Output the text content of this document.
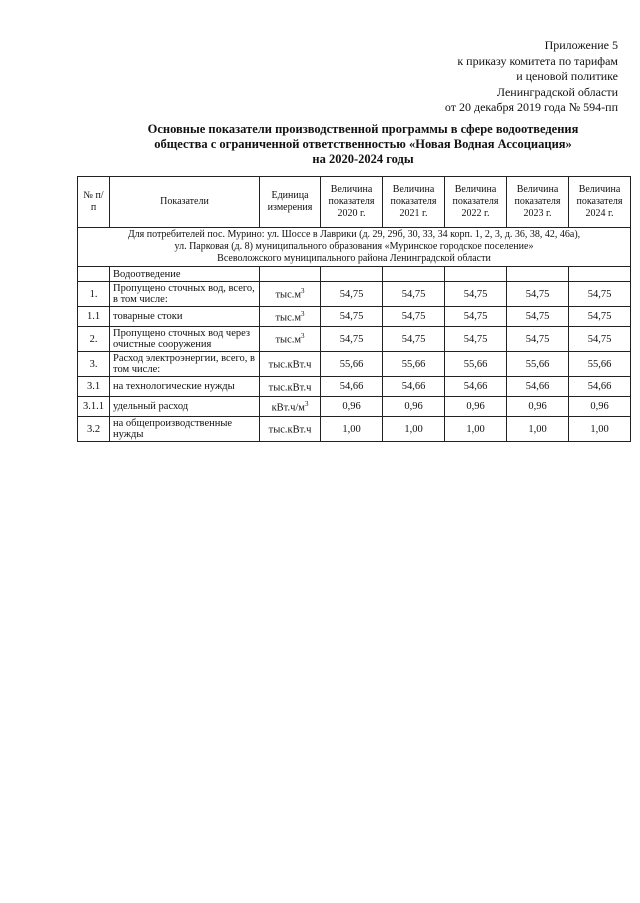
Приложение 5
к приказу комитета по тарифам
и ценовой политике
Ленинградской области
от 20 декабря 2019 года № 594-пп
Основные показатели производственной программы в сфере водоотведения
общества с ограниченной ответственностью «Новая Водная Ассоциация»
на 2020-2024 годы
№ п/п	Показатели	Единица измерения	Величина показателя 2020 г.	Величина показателя 2021 г.	Величина показателя 2022 г.	Величина показателя 2023 г.	Величина показателя 2024 г.

Для потребителей пос. Мурино: ул. Шоссе в Лаврики (д. 29, 29б, 30, 33, 34 корп. 1, 2, 3, д. 36, 38, 42, 46а),
ул. Парковая (д. 8) муниципального образования «Муринское городское поселение»
Всеволожского муниципального района Ленинградской области							

	Водоотведение						
1.	Пропущено сточных вод, всего, в том числе:	$тыс.м^3$	54,75	54,75	54,75	54,75	54,75
1.1	товарные стоки	$тыс.м^3$	54,75	54,75	54,75	54,75	54,75
2.	Пропущено сточных вод через очистные сооружения	$тыс.м^3$	54,75	54,75	54,75	54,75	54,75
3.	Расход электроэнергии, всего, в том числе:	тыс.кВт.ч	55,66	55,66	55,66	55,66	55,66
3.1	на технологические нужды	тыс.кВт.ч	54,66	54,66	54,66	54,66	54,66
3.1.1	удельный расход	$кВт.ч/м^3$	0,96	0,96	0,96	0,96	0,96
3.2	на общепроизводственные нужды	тыс.кВт.ч	1,00	1,00	1,00	1,00	1,00
